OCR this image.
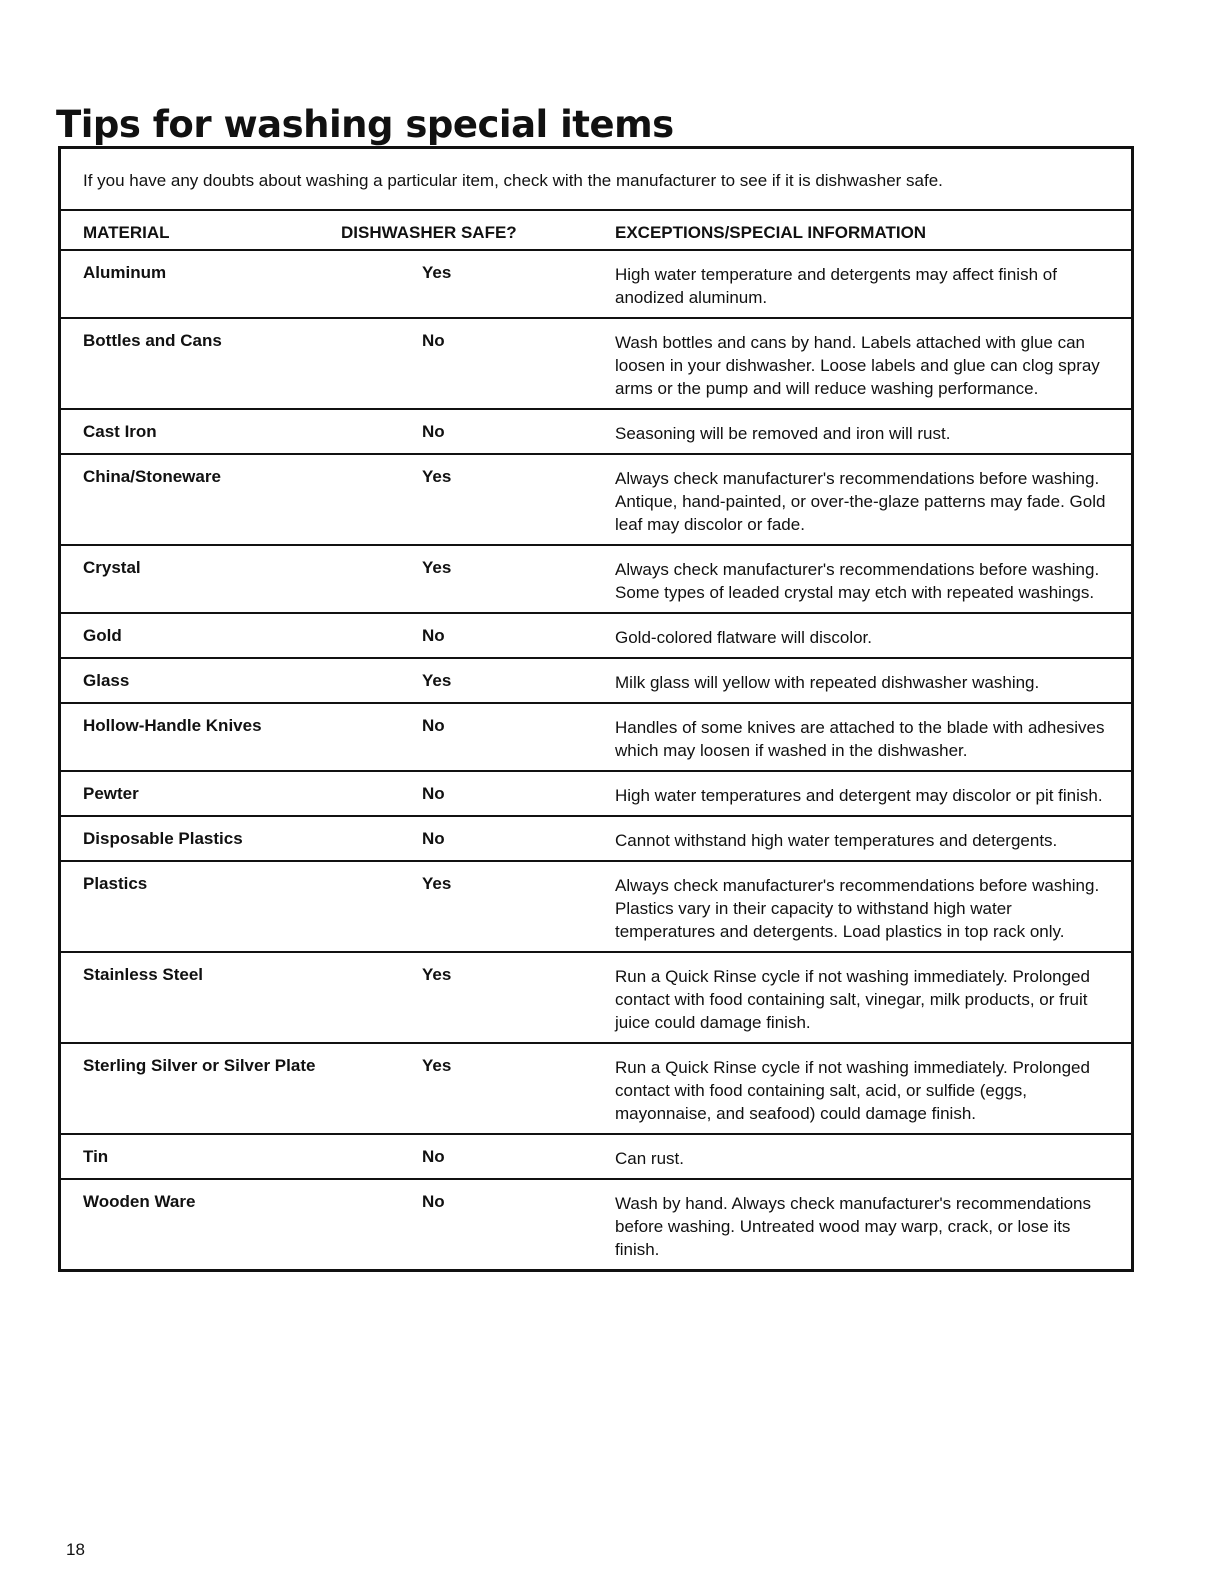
Tips for washing special items
If you have any doubts about washing a particular item, check with the manufacturer to see if it is dishwasher safe.
MATERIAL	DISHWASHER SAFE?	EXCEPTIONS/SPECIAL INFORMATION
Aluminum	Yes	High water temperature and detergents may affect finish of anodized aluminum.
Bottles and Cans	No	Wash bottles and cans by hand. Labels attached with glue can loosen in your dishwasher. Loose labels and glue can clog spray arms or the pump and will reduce washing performance.
Cast Iron	No	Seasoning will be removed and iron will rust.
China/Stoneware	Yes	Always check manufacturer's recommendations before washing. Antique, hand-painted, or over-the-glaze patterns may fade. Gold leaf may discolor or fade.
Crystal	Yes	Always check manufacturer's recommendations before washing. Some types of leaded crystal may etch with repeated washings.
Gold	No	Gold-colored flatware will discolor.
Glass	Yes	Milk glass will yellow with repeated dishwasher washing.
Hollow-Handle Knives	No	Handles of some knives are attached to the blade with adhesives which may loosen if washed in the dishwasher.
Pewter	No	High water temperatures and detergent may discolor or pit finish.
Disposable Plastics	No	Cannot withstand high water temperatures and detergents.
Plastics	Yes	Always check manufacturer's recommendations before washing. Plastics vary in their capacity to withstand high water temperatures and detergents. Load plastics in top rack only.
Stainless Steel	Yes	Run a Quick Rinse cycle if not washing immediately. Prolonged contact with food containing salt, vinegar, milk products, or fruit juice could damage finish.
Sterling Silver or Silver Plate	Yes	Run a Quick Rinse cycle if not washing immediately. Prolonged contact with food containing salt, acid, or sulfide (eggs, mayonnaise, and seafood) could damage finish.
Tin	No	Can rust.
Wooden Ware	No	Wash by hand. Always check manufacturer's recommendations before washing. Untreated wood may warp, crack, or lose its finish.
18
